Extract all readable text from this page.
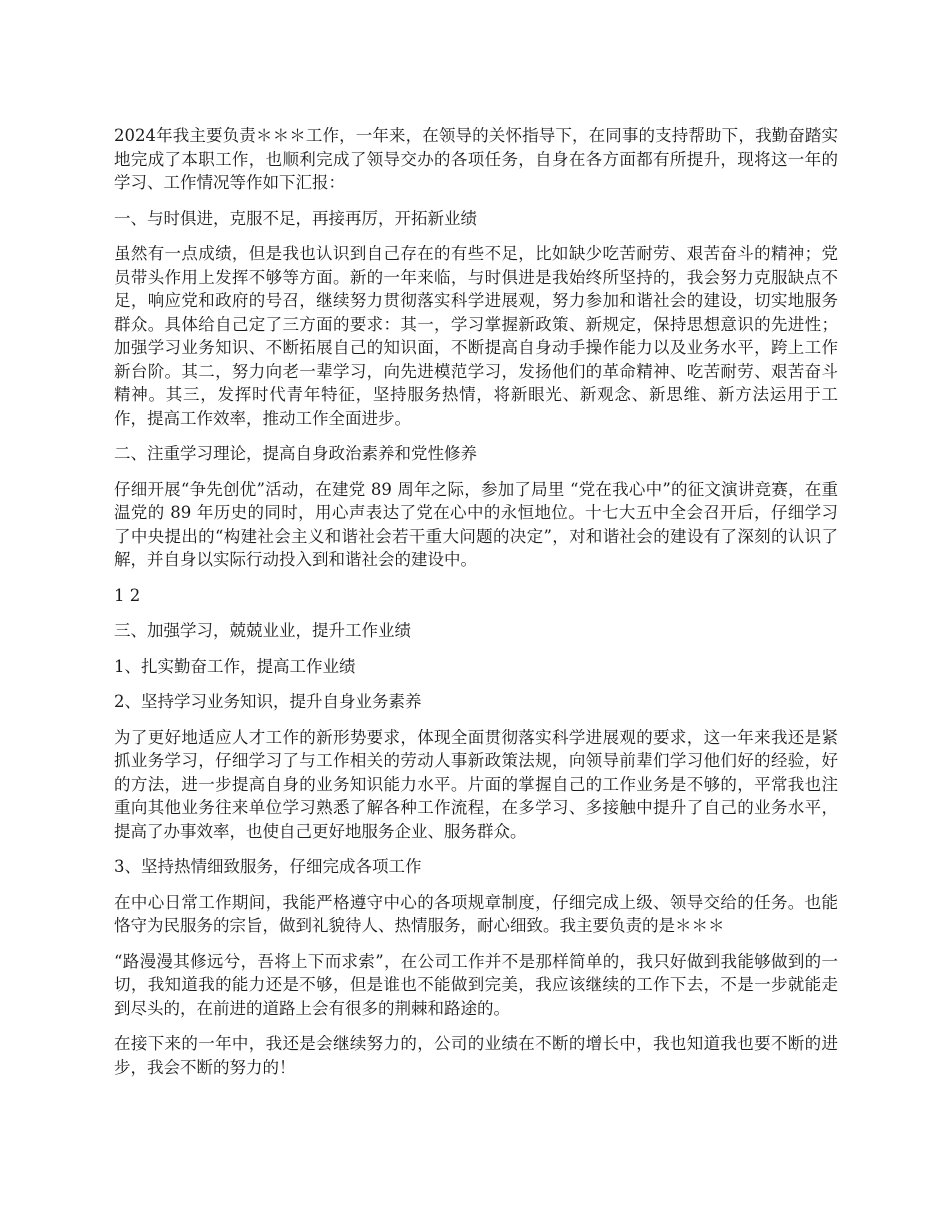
2024年我主要负责＊＊＊工作，一年来，在领导的关怀指导下，在同事的支持帮助下，我勤奋踏实地完成了本职工作，也顺利完成了领导交办的各项任务，自身在各方面都有所提升，现将这一年的学习、工作情况等作如下汇报：

一、与时俱进，克服不足，再接再厉，开拓新业绩

虽然有一点成绩，但是我也认识到自己存在的有些不足，比如缺少吃苦耐劳、艰苦奋斗的精神；党员带头作用上发挥不够等方面。新的一年来临，与时俱进是我始终所坚持的，我会努力克服缺点不足，响应党和政府的号召，继续努力贯彻落实科学进展观，努力参加和谐社会的建设，切实地服务群众。具体给自己定了三方面的要求：其一，学习掌握新政策、新规定，保持思想意识的先进性；加强学习业务知识、不断拓展自己的知识面，不断提高自身动手操作能力以及业务水平，跨上工作新台阶。其二，努力向老一辈学习，向先进模范学习，发扬他们的革命精神、吃苦耐劳、艰苦奋斗精神。其三，发挥时代青年特征，坚持服务热情，将新眼光、新观念、新思维、新方法运用于工作，提高工作效率，推动工作全面进步。

二、注重学习理论，提高自身政治素养和党性修养

仔细开展“争先创优”活动，在建党 89 周年之际，参加了局里 “党在我心中”的征文演讲竞赛，在重温党的 89 年历史的同时，用心声表达了党在心中的永恒地位。十七大五中全会召开后，仔细学习了中央提出的“构建社会主义和谐社会若干重大问题的决定”，对和谐社会的建设有了深刻的认识了解，并自身以实际行动投入到和谐社会的建设中。

1 2

三、加强学习，兢兢业业，提升工作业绩

1、扎实勤奋工作，提高工作业绩

2、坚持学习业务知识，提升自身业务素养

为了更好地适应人才工作的新形势要求，体现全面贯彻落实科学进展观的要求，这一年来我还是紧抓业务学习，仔细学习了与工作相关的劳动人事新政策法规，向领导前辈们学习他们好的经验，好的方法，进一步提高自身的业务知识能力水平。片面的掌握自己的工作业务是不够的，平常我也注重向其他业务往来单位学习熟悉了解各种工作流程，在多学习、多接触中提升了自己的业务水平，提高了办事效率，也使自己更好地服务企业、服务群众。

3、坚持热情细致服务，仔细完成各项工作

在中心日常工作期间，我能严格遵守中心的各项规章制度，仔细完成上级、领导交给的任务。也能恪守为民服务的宗旨，做到礼貌待人、热情服务，耐心细致。我主要负责的是＊＊＊

“路漫漫其修远兮，吾将上下而求索”，在公司工作并不是那样简单的，我只好做到我能够做到的一切，我知道我的能力还是不够，但是谁也不能做到完美，我应该继续的工作下去，不是一步就能走到尽头的，在前进的道路上会有很多的荆棘和路途的。

在接下来的一年中，我还是会继续努力的，公司的业绩在不断的增长中，我也知道我也要不断的进步，我会不断的努力的！
